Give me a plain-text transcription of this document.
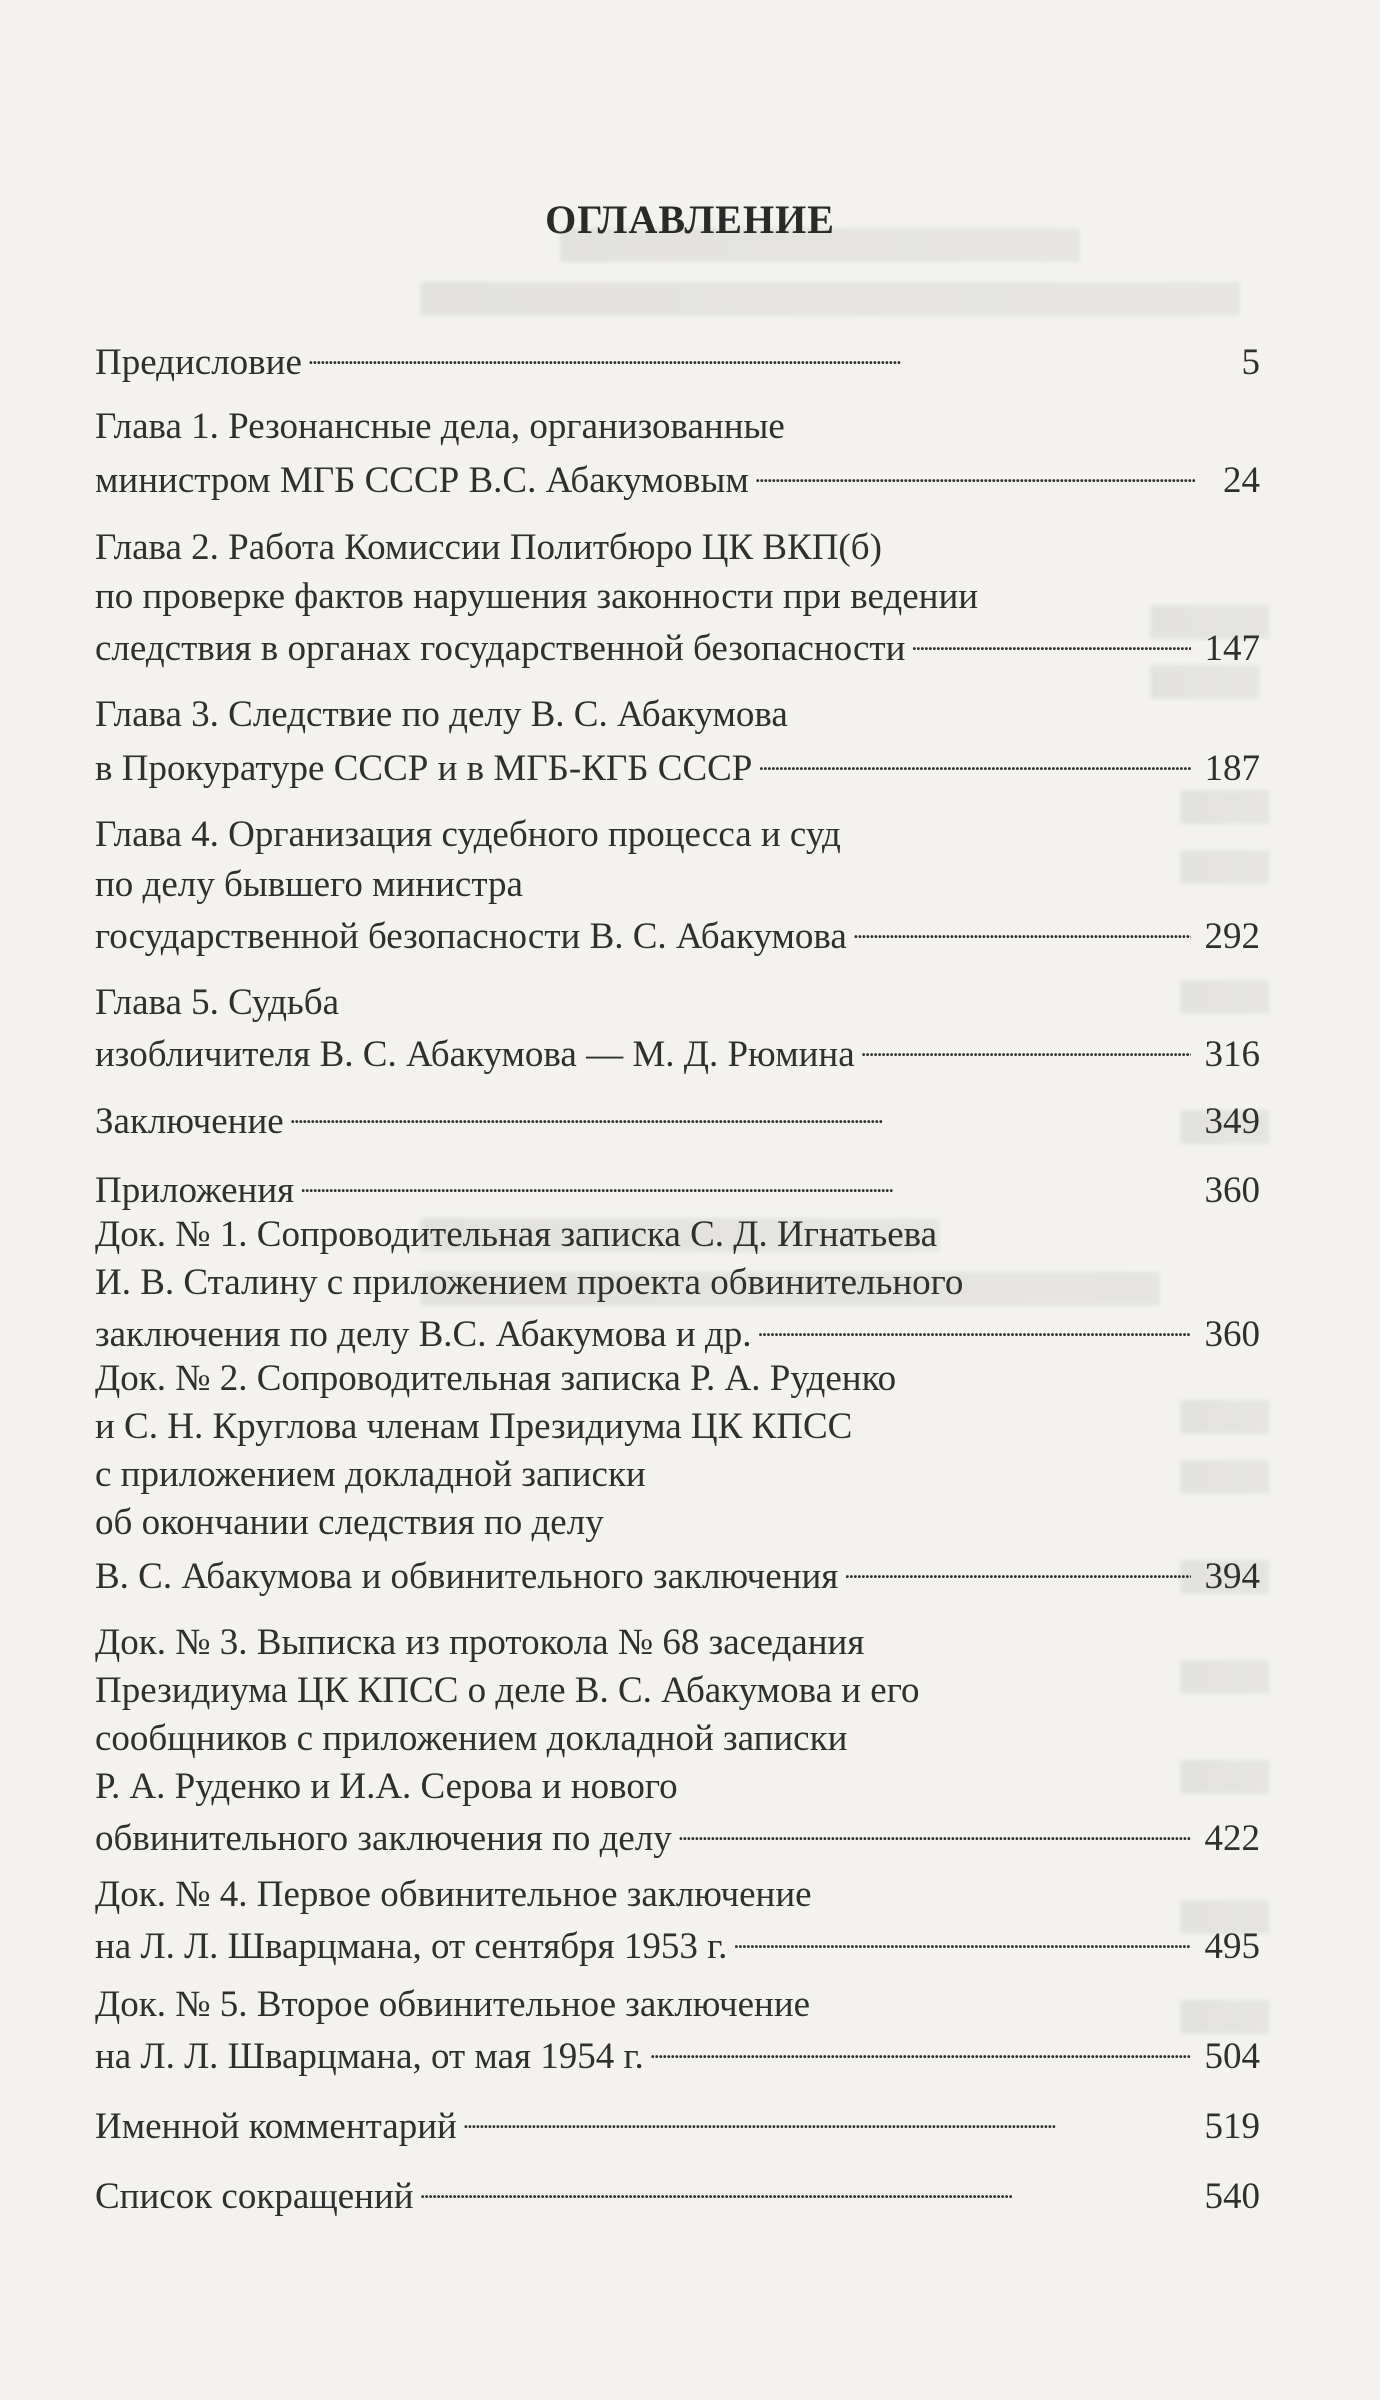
ОГЛАВЛЕНИЕ
Предисловие . . .	5
Глава 1. Резонансные дела, организованные
министром МГБ СССР В.С. Абакумовым . . .	24
Глава 2. Работа Комиссии Политбюро ЦК ВКП(б)
по проверке фактов нарушения законности при ведении
следствия в органах государственной безопасности . . .	147
Глава 3. Следствие по делу В. С. Абакумова
в Прокуратуре СССР и в МГБ-КГБ СССР . . .	187
Глава 4. Организация судебного процесса и суд
по делу бывшего министра
государственной безопасности В. С. Абакумова . . .	292
Глава 5. Судьба
изобличителя В. С. Абакумова — М. Д. Рюмина . . .	316
Заключение . . .	349
Приложения . . .	360
Док. № 1. Сопроводительная записка С. Д. Игнатьева
И. В. Сталину с приложением проекта обвинительного
заключения по делу В.С. Абакумова и др. . . .	360
Док. № 2. Сопроводительная записка Р. А. Руденко
и С. Н. Круглова членам Президиума ЦК КПСС
с приложением докладной записки
об окончании следствия по делу
В. С. Абакумова и обвинительного заключения . . .	394
Док. № 3. Выписка из протокола № 68 заседания
Президиума ЦК КПСС о деле В. С. Абакумова и его
сообщников с приложением докладной записки
Р. А. Руденко и И.А. Серова и нового
обвинительного заключения по делу . . .	422
Док. № 4. Первое обвинительное заключение
на Л. Л. Шварцмана, от сентября 1953 г. . . .	495
Док. № 5. Второе обвинительное заключение
на Л. Л. Шварцмана, от мая 1954 г. . . .	504
Именной комментарий . . .	519
Список сокращений . . .	540
